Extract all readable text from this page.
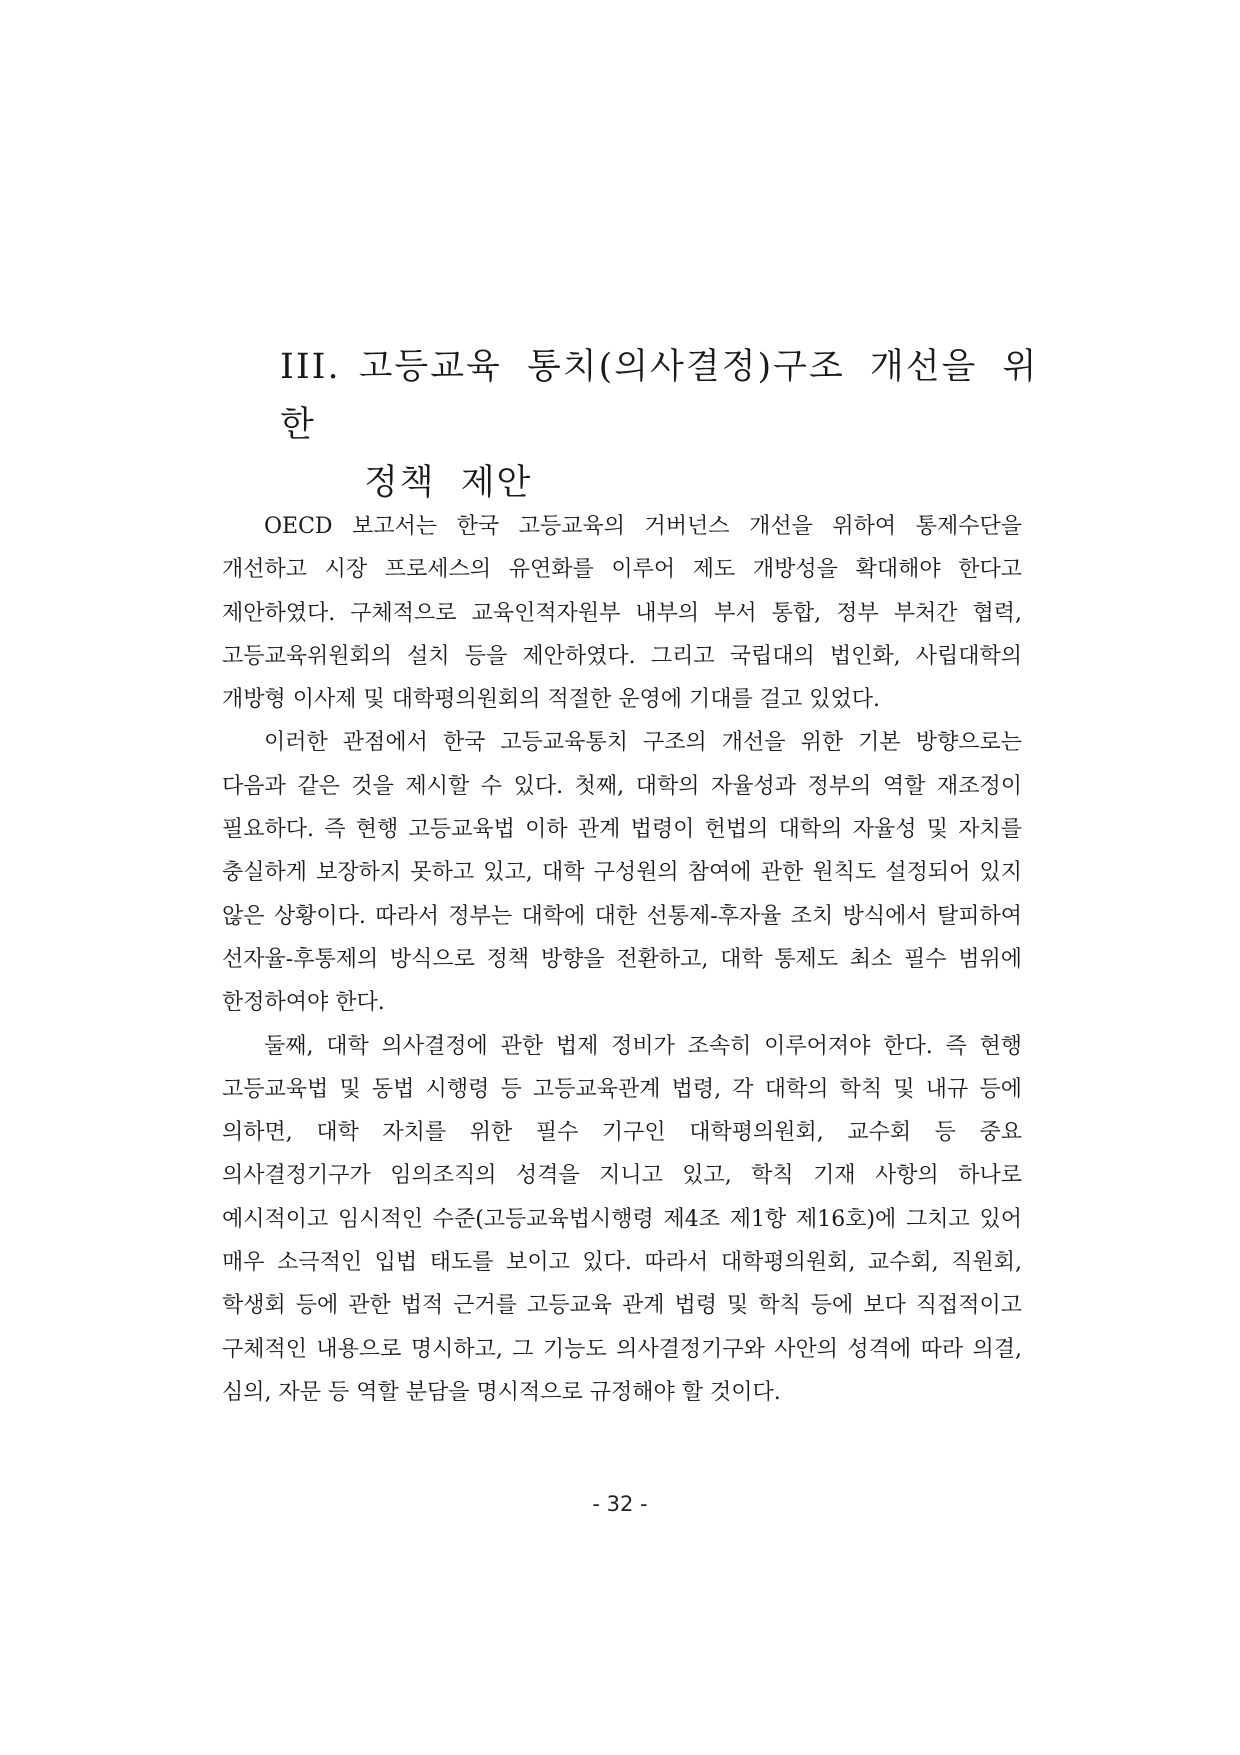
III. 고등교육 통치(의사결정)구조 개선을 위한
정책 제안

OECD 보고서는 한국 고등교육의 거버넌스 개선을 위하여 통제수단을 개선하고 시장 프로세스의 유연화를 이루어 제도 개방성을 확대해야 한다고 제안하였다. 구체적으로 교육인적자원부 내부의 부서 통합, 정부 부처간 협력, 고등교육위원회의 설치 등을 제안하였다. 그리고 국립대의 법인화, 사립대학의 개방형 이사제 및 대학평의원회의 적절한 운영에 기대를 걸고 있었다.

이러한 관점에서 한국 고등교육통치 구조의 개선을 위한 기본 방향으로는 다음과 같은 것을 제시할 수 있다. 첫째, 대학의 자율성과 정부의 역할 재조정이 필요하다. 즉 현행 고등교육법 이하 관계 법령이 헌법의 대학의 자율성 및 자치를 충실하게 보장하지 못하고 있고, 대학 구성원의 참여에 관한 원칙도 설정되어 있지 않은 상황이다. 따라서 정부는 대학에 대한 선통제-후자율 조치 방식에서 탈피하여 선자율-후통제의 방식으로 정책 방향을 전환하고, 대학 통제도 최소 필수 범위에 한정하여야 한다.

둘째, 대학 의사결정에 관한 법제 정비가 조속히 이루어져야 한다. 즉 현행 고등교육법 및 동법 시행령 등 고등교육관계 법령, 각 대학의 학칙 및 내규 등에 의하면, 대학 자치를 위한 필수 기구인 대학평의원회, 교수회 등 중요 의사결정기구가 임의조직의 성격을 지니고 있고, 학칙 기재 사항의 하나로 예시적이고 임시적인 수준(고등교육법시행령 제4조 제1항 제16호)에 그치고 있어 매우 소극적인 입법 태도를 보이고 있다. 따라서 대학평의원회, 교수회, 직원회, 학생회 등에 관한 법적 근거를 고등교육 관계 법령 및 학칙 등에 보다 직접적이고 구체적인 내용으로 명시하고, 그 기능도 의사결정기구와 사안의 성격에 따라 의결, 심의, 자문 등 역할 분담을 명시적으로 규정해야 할 것이다.

- 32 -
